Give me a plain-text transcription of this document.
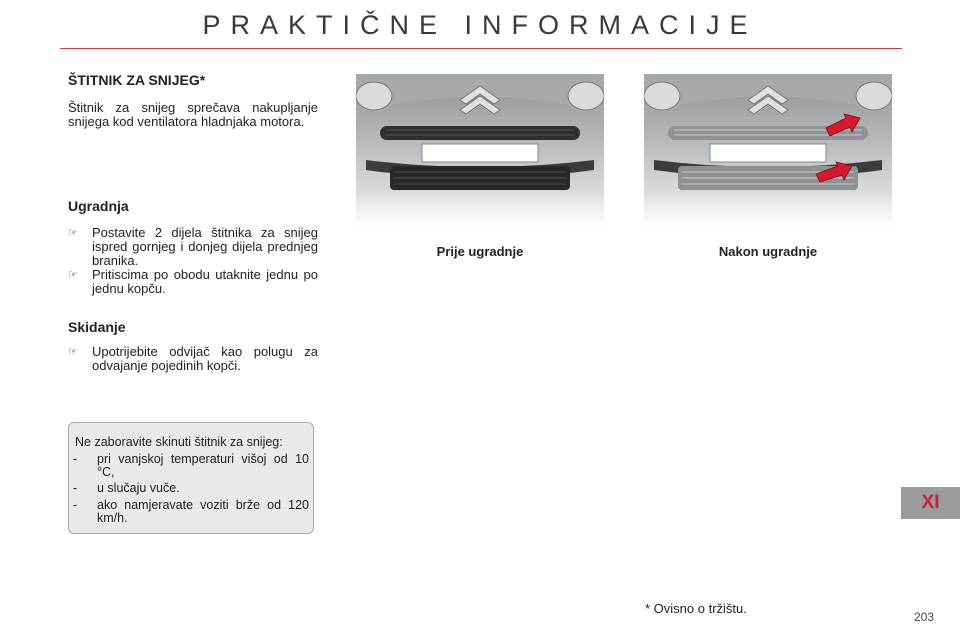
PRAKTIČNE INFORMACIJE
ŠTITNIK ZA SNIJEG*
Štitnik za snijeg sprečava nakupljanje snijega kod ventilatora hladnjaka motora.
Ugradnja
☞ Postavite 2 dijela štitnika za snijeg ispred gornjeg i donjeg dijela prednjeg branika.
☞ Pritiscima po obodu utaknite jednu po jednu kopču.
Skidanje
☞ Upotrijebite odvijač kao polugu za odvajanje pojedinih kopči.
Ne zaboravite skinuti štitnik za snijeg:
- pri vanjskoj temperaturi višoj od 10 °C,
- u slučaju vuče.
- ako namjeravate voziti brže od 120 km/h.
Prije ugradnje	Nakon ugradnje
* Ovisno o tržištu.
203
XI
